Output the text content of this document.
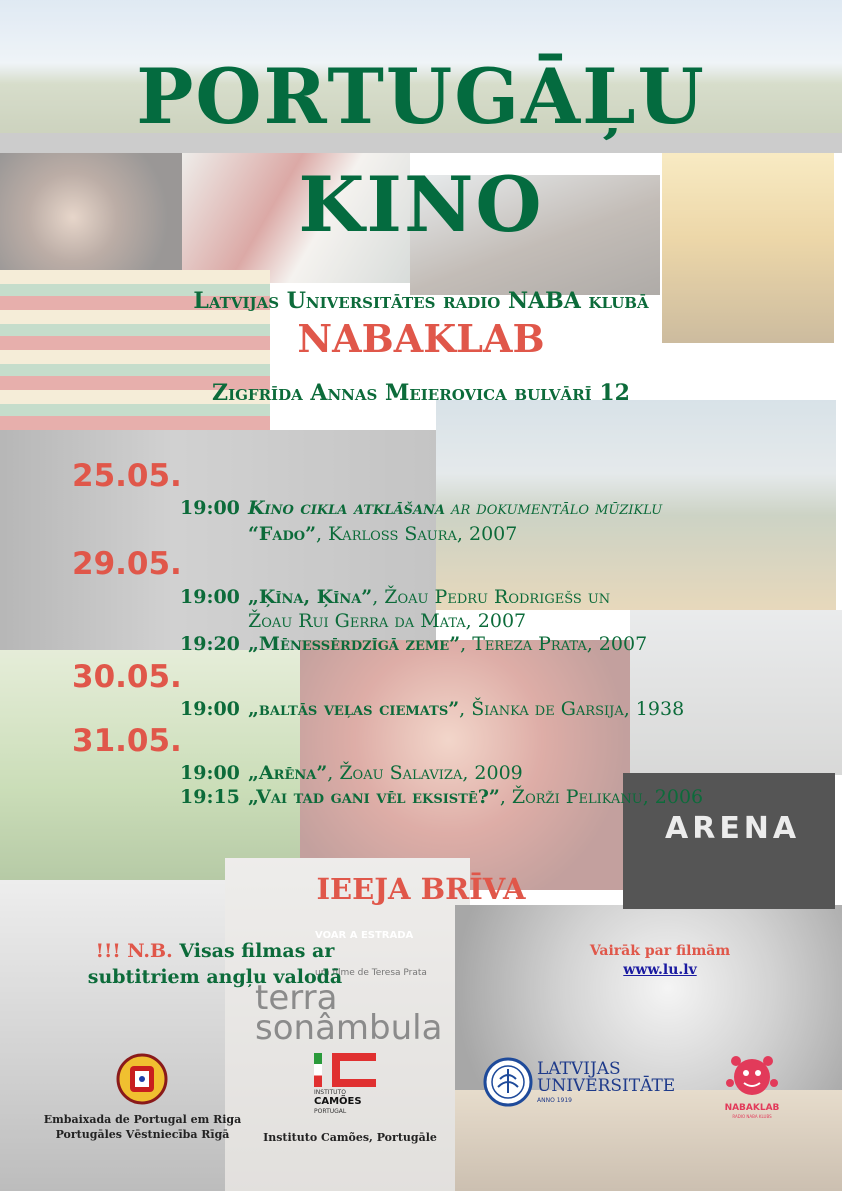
ARENA
VOAR A ESTRADA
um filme de Teresa Prata
terra
sonâmbula
PORTUGĀĻU
KINO
Latvijas Universitātes radio NABA klubā
NABAKLAB
Zigfrīda Annas Meierovica bulvārī 12
25.05.
19:00 Kino cikla atklāšana ar dokumentālo mūziklu
“Fado”, Karloss Saura, 2007
29.05.
19:00 „Ķīna, Ķīna”, Žoau Pedru Rodrigešs un
Žoau Rui Gerra da Mata, 2007
19:20 „Mēnessērdzīgā zeme”, Tereza Prata, 2007
30.05.
19:00 „baltās veļas ciemats”, Šianka de Garsija, 1938
31.05.
19:00 „Arēna”, Žoau Salaviza, 2009
19:15 „Vai tad gani vēl eksistē?”, Žorži Pelikanu, 2006
IEEJA BRĪVA
!!! N.B. Visas filmas ar
subtitriem angļu valodā
Vairāk par filmām
www.lu.lv
Embaixada de Portugal em Riga
Portugāles Vēstniecība Rīgā
INSTITUTO
CAMÕES
PORTUGAL
Instituto Camões, Portugāle
LATVIJAS
UNIVERSITĀTE
ANNO 1919
NABAKLAB
RADIO NABA KLUBS
